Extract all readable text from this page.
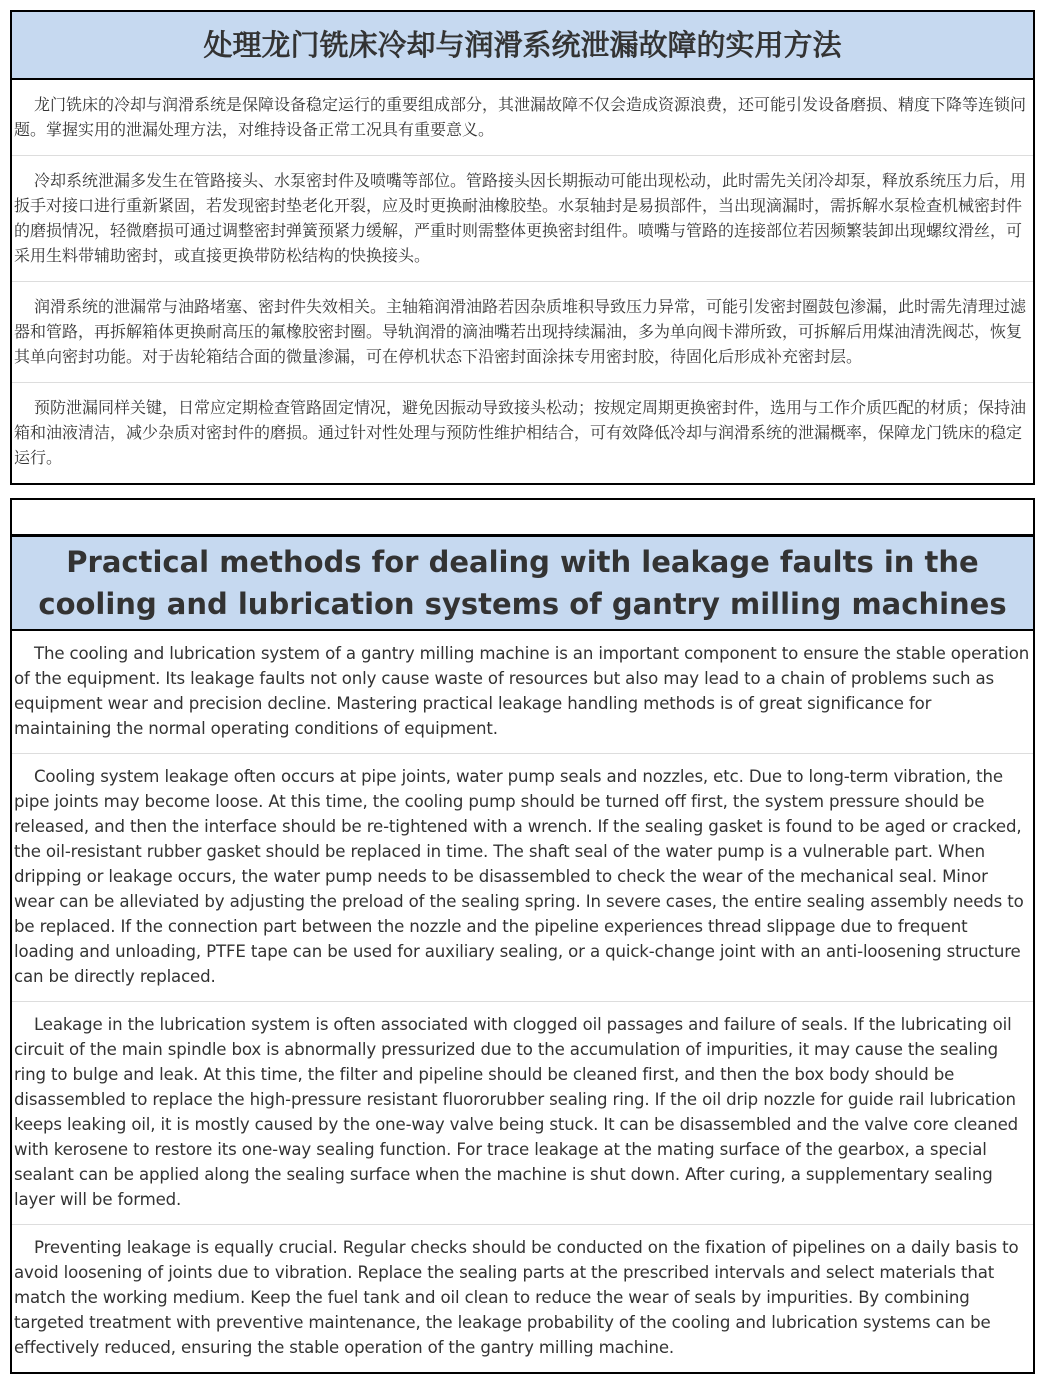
处理龙门铣床冷却与润滑系统泄漏故障的实用方法

龙门铣床的冷却与润滑系统是保障设备稳定运行的重要组成部分，其泄漏故障不仅会造成资源浪费，还可能引发设备磨损、精度下降等连锁问题。掌握实用的泄漏处理方法，对维持设备正常工况具有重要意义。

冷却系统泄漏多发生在管路接头、水泵密封件及喷嘴等部位。管路接头因长期振动可能出现松动，此时需先关闭冷却泵，释放系统压力后，用扳手对接口进行重新紧固，若发现密封垫老化开裂，应及时更换耐油橡胶垫。水泵轴封是易损部件，当出现滴漏时，需拆解水泵检查机械密封件的磨损情况，轻微磨损可通过调整密封弹簧预紧力缓解，严重时则需整体更换密封组件。喷嘴与管路的连接部位若因频繁装卸出现螺纹滑丝，可采用生料带辅助密封，或直接更换带防松结构的快换接头。

润滑系统的泄漏常与油路堵塞、密封件失效相关。主轴箱润滑油路若因杂质堆积导致压力异常，可能引发密封圈鼓包渗漏，此时需先清理过滤器和管路，再拆解箱体更换耐高压的氟橡胶密封圈。导轨润滑的滴油嘴若出现持续漏油，多为单向阀卡滞所致，可拆解后用煤油清洗阀芯，恢复其单向密封功能。对于齿轮箱结合面的微量渗漏，可在停机状态下沿密封面涂抹专用密封胶，待固化后形成补充密封层。

预防泄漏同样关键，日常应定期检查管路固定情况，避免因振动导致接头松动；按规定周期更换密封件，选用与工作介质匹配的材质；保持油箱和油液清洁，减少杂质对密封件的磨损。通过针对性处理与预防性维护相结合，可有效降低冷却与润滑系统的泄漏概率，保障龙门铣床的稳定运行。

Practical methods for dealing with leakage faults in the cooling and lubrication systems of gantry milling machines

The cooling and lubrication system of a gantry milling machine is an important component to ensure the stable operation of the equipment. Its leakage faults not only cause waste of resources but also may lead to a chain of problems such as equipment wear and precision decline. Mastering practical leakage handling methods is of great significance for maintaining the normal operating conditions of equipment.

Cooling system leakage often occurs at pipe joints, water pump seals and nozzles, etc. Due to long-term vibration, the pipe joints may become loose. At this time, the cooling pump should be turned off first, the system pressure should be released, and then the interface should be re-tightened with a wrench. If the sealing gasket is found to be aged or cracked, the oil-resistant rubber gasket should be replaced in time. The shaft seal of the water pump is a vulnerable part. When dripping or leakage occurs, the water pump needs to be disassembled to check the wear of the mechanical seal. Minor wear can be alleviated by adjusting the preload of the sealing spring. In severe cases, the entire sealing assembly needs to be replaced. If the connection part between the nozzle and the pipeline experiences thread slippage due to frequent loading and unloading, PTFE tape can be used for auxiliary sealing, or a quick-change joint with an anti-loosening structure can be directly replaced.

Leakage in the lubrication system is often associated with clogged oil passages and failure of seals. If the lubricating oil circuit of the main spindle box is abnormally pressurized due to the accumulation of impurities, it may cause the sealing ring to bulge and leak. At this time, the filter and pipeline should be cleaned first, and then the box body should be disassembled to replace the high-pressure resistant fluororubber sealing ring. If the oil drip nozzle for guide rail lubrication keeps leaking oil, it is mostly caused by the one-way valve being stuck. It can be disassembled and the valve core cleaned with kerosene to restore its one-way sealing function. For trace leakage at the mating surface of the gearbox, a special sealant can be applied along the sealing surface when the machine is shut down. After curing, a supplementary sealing layer will be formed.

Preventing leakage is equally crucial. Regular checks should be conducted on the fixation of pipelines on a daily basis to avoid loosening of joints due to vibration. Replace the sealing parts at the prescribed intervals and select materials that match the working medium. Keep the fuel tank and oil clean to reduce the wear of seals by impurities. By combining targeted treatment with preventive maintenance, the leakage probability of the cooling and lubrication systems can be effectively reduced, ensuring the stable operation of the gantry milling machine.
